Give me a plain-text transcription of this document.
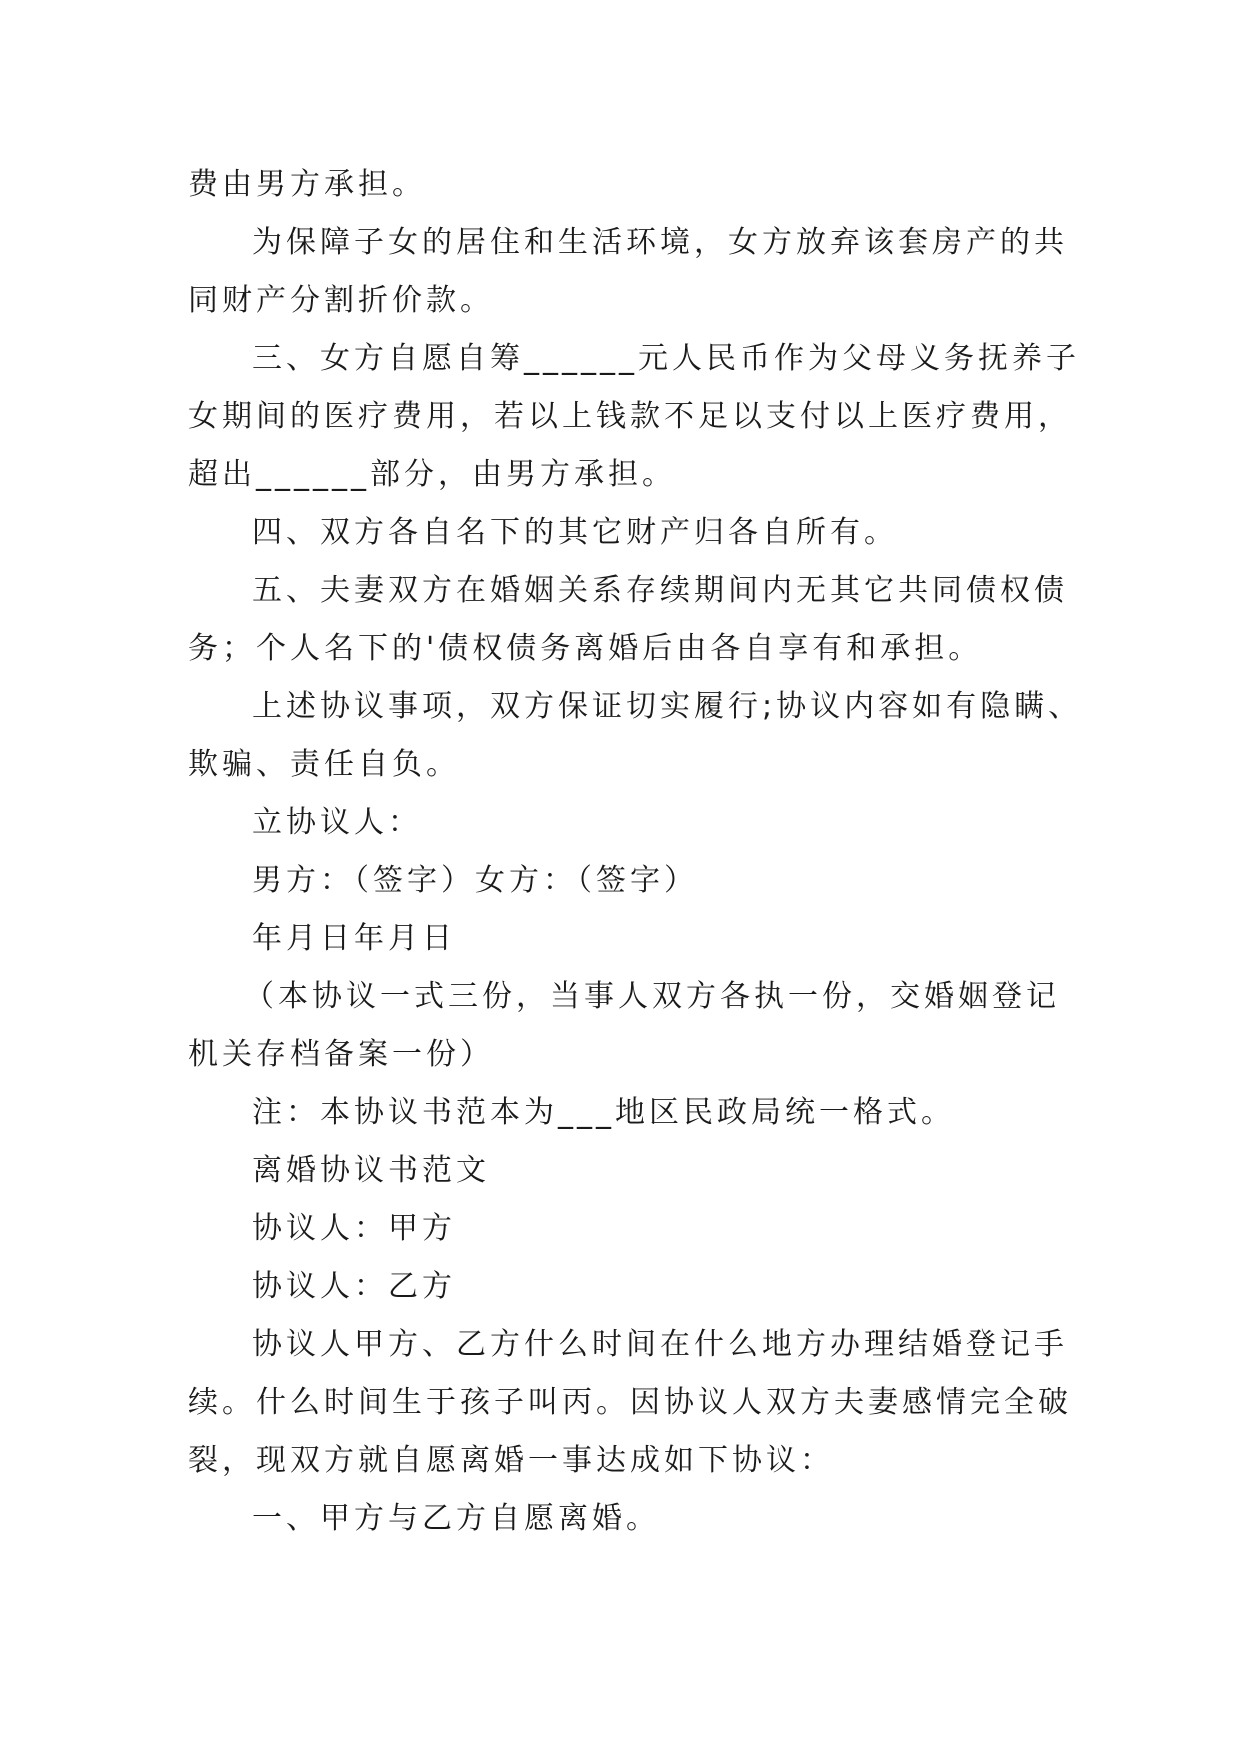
费由男方承担。
为保障子女的居住和生活环境，女方放弃该套房产的共
同财产分割折价款。
三、女方自愿自筹______元人民币作为父母义务抚养子
女期间的医疗费用，若以上钱款不足以支付以上医疗费用，
超出______部分，由男方承担。
四、双方各自名下的其它财产归各自所有。
五、夫妻双方在婚姻关系存续期间内无其它共同债权债
务；个人名下的'债权债务离婚后由各自享有和承担。
上述协议事项，双方保证切实履行;协议内容如有隐瞒、
欺骗、责任自负。
立协议人：
男方：（签字）女方：（签字）
年月日年月日
（本协议一式三份，当事人双方各执一份，交婚姻登记
机关存档备案一份）
注：本协议书范本为___地区民政局统一格式。
离婚协议书范文
协议人：甲方
协议人：乙方
协议人甲方、乙方什么时间在什么地方办理结婚登记手
续。什么时间生于孩子叫丙。因协议人双方夫妻感情完全破
裂，现双方就自愿离婚一事达成如下协议：
一、甲方与乙方自愿离婚。
